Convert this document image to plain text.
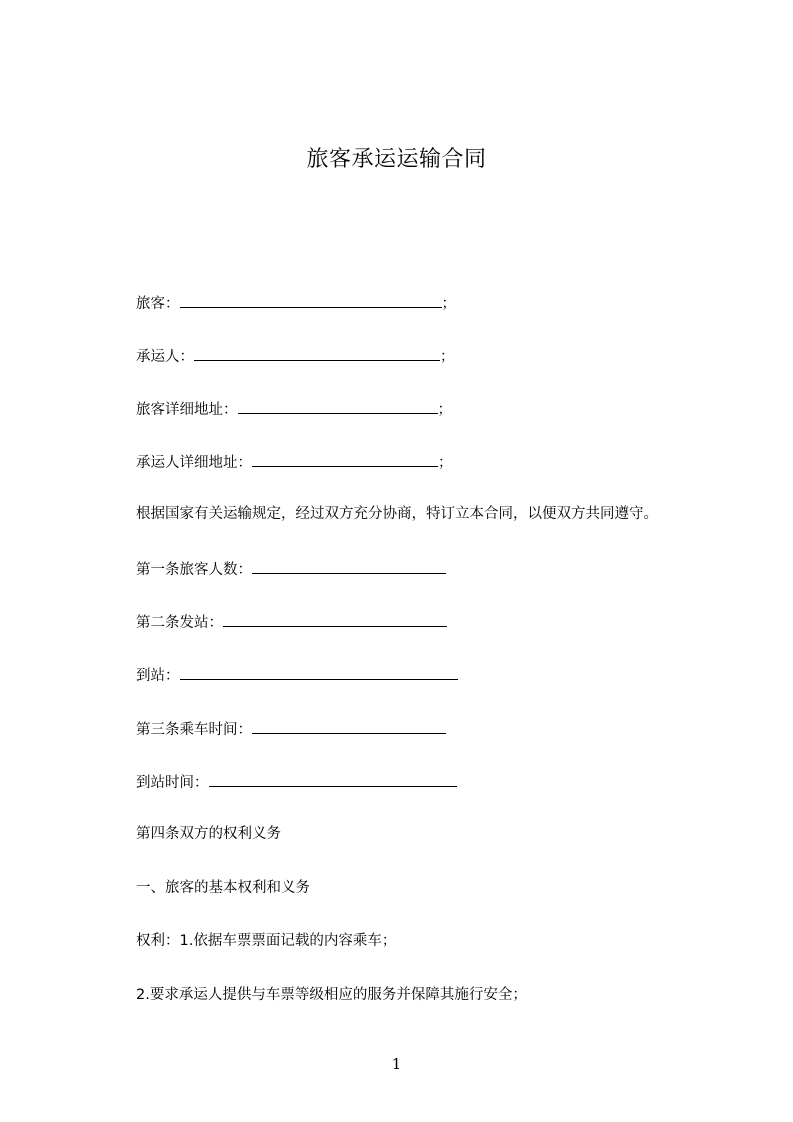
旅客承运运输合同
旅客：	；
承运人：	；
旅客详细地址：	；
承运人详细地址：	；
根据国家有关运输规定，经过双方充分协商，特订立本合同，以便双方共同遵守。
第一条旅客人数：
第二条发站：
到站：
第三条乘车时间：
到站时间：
第四条双方的权利义务
一、旅客的基本权利和义务
权利：1.依据车票票面记载的内容乘车；
2.要求承运人提供与车票等级相应的服务并保障其施行安全；
1
